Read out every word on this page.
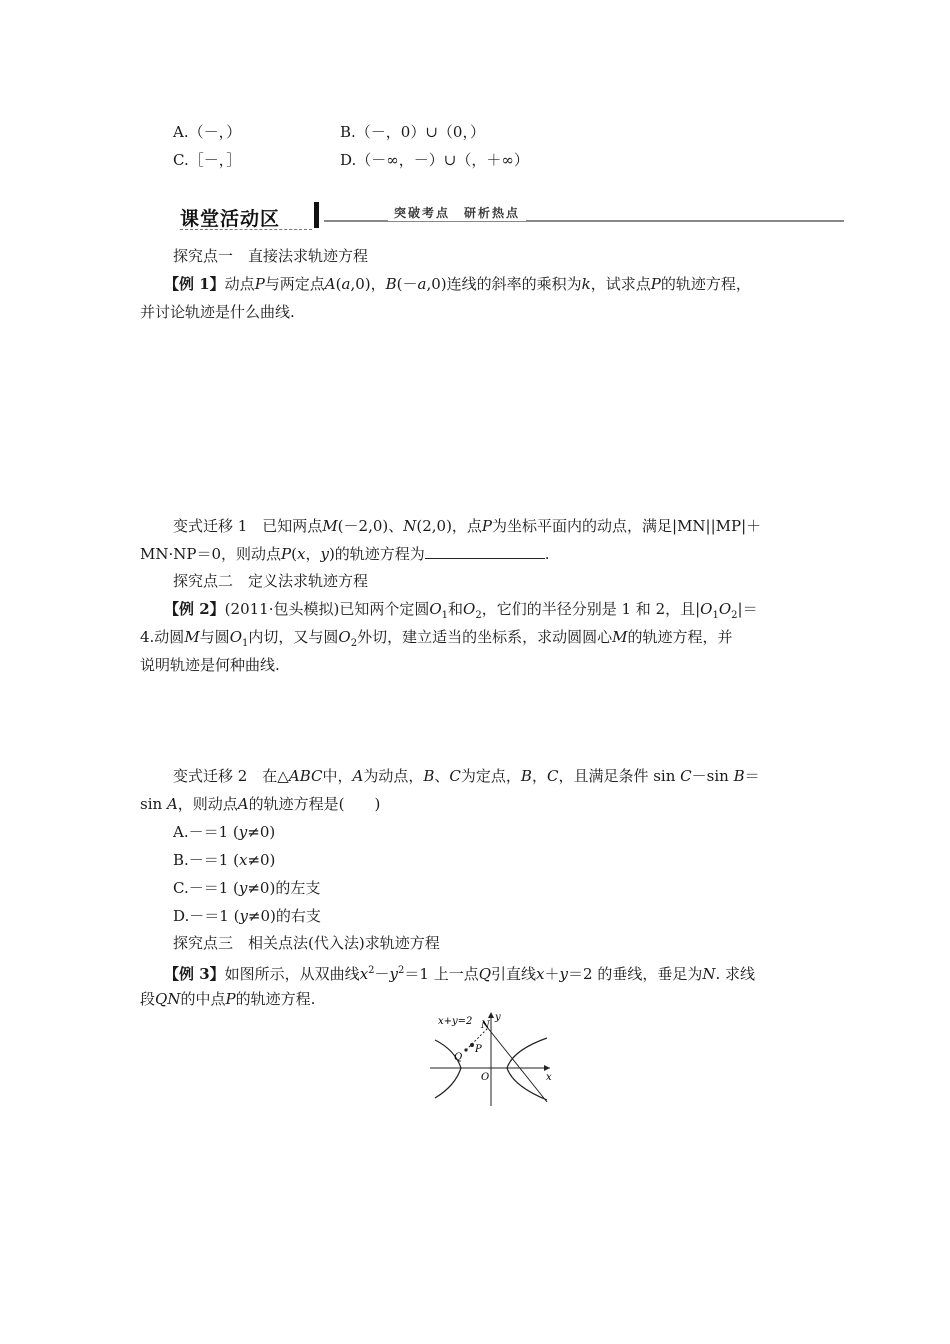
A.（－，）	B.（－，0）∪（0，）
C.［－，］	D.（－∞，－）∪（，＋∞）
课堂活动区	突破考点　研析热点
探究点一　直接法求轨迹方程
【例 1】动点P与两定点A(a,0)，B(－a,0)连线的斜率的乘积为k，试求点P的轨迹方程，
并讨论轨迹是什么曲线.
变式迁移 1　已知两点M(－2,0)、N(2,0)，点P为坐标平面内的动点，满足|MN||MP|＋
MN·NP＝0，则动点P(x，y)的轨迹方程为	.
探究点二　定义法求轨迹方程
【例 2】(2011·包头模拟)已知两个定圆$O_1$和$O_2$，它们的半径分别是 1 和 2，且$|O_1O_2|=$
4.动圆M与圆$O_1$内切，又与圆$O_2$外切，建立适当的坐标系，求动圆圆心M的轨迹方程，并
说明轨迹是何种曲线.
变式迁移 2　在△ABC中，A为动点，B、C为定点，B，C，且满足条件 sin C－sin B＝
sin A，则动点A的轨迹方程是(　　)
A.－＝1 (y≠0)
B.－＝1 (x≠0)
C.－＝1 (y≠0)的左支
D.－＝1 (y≠0)的右支
探究点三　相关点法(代入法)求轨迹方程
【例 3】如图所示，从双曲线$x^2-y^2=1$ 上一点Q引直线x＋y＝2 的垂线，垂足为N. 求线
段QN的中点P的轨迹方程.
x+y=2 N
y
P
Q
O	x
